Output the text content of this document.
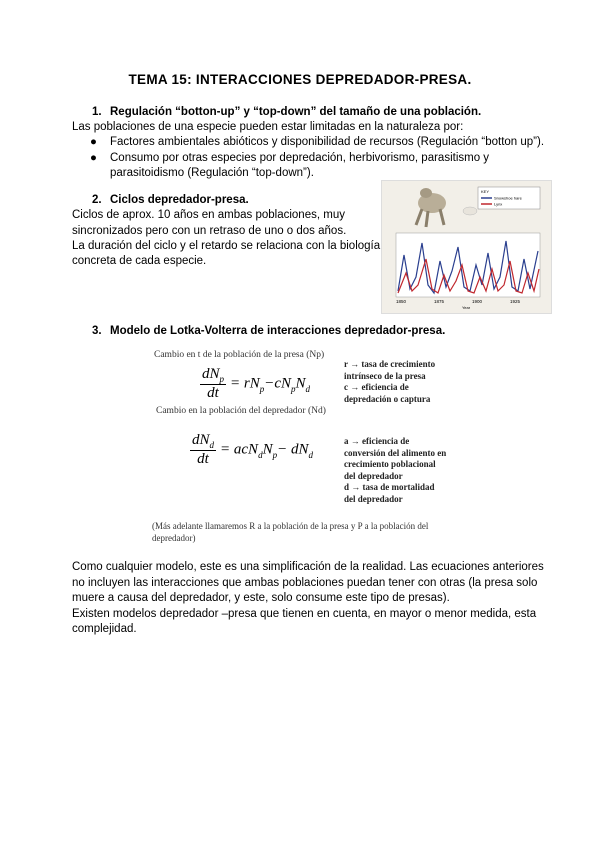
TEMA 15: INTERACCIONES DEPREDADOR-PRESA.
1. Regulación “botton-up” y “top-down” del tamaño de una población.
Las poblaciones de una especie pueden estar limitadas en la naturaleza por:
● Factores ambientales abióticos y disponibilidad de recursos (Regulación “botton up”).
● Consumo por otras especies por depredación, herbivorismo, parasitismo y
parasitoidismo (Regulación “top-down”).
2. Ciclos depredador-presa.
Ciclos de aprox. 10 años en ambas poblaciones, muy
sincronizados pero con un retraso de uno o dos años.
La duración del ciclo y el retardo se relaciona con la biología
concreta de cada especie.
KEY
Snowshoe hare
Lynx
1850	1875	1900	1925
Year
3. Modelo de Lotka-Volterra de interacciones depredador-presa.
Cambio en t de la población de la presa (Np)
$\frac{dN_p}{dt} = rN_p-cN_pN_d$
r → tasa de crecimiento
intrínseco de la presa
c → eficiencia de
depredación o captura
Cambio en la población del depredador (Nd)
$\frac{dN_d}{dt} = acN_dN_p- dN_d$
a → eficiencia de
conversión del alimento en
crecimiento poblacional
del depredador
d → tasa de mortalidad
del depredador
(Más adelante llamaremos R a la población de la presa y P a la población del
depredador)
Como cualquier modelo, este es una simplificación de la realidad. Las ecuaciones anteriores
no incluyen las interacciones que ambas poblaciones puedan tener con otras (la presa solo
muere a causa del depredador, y este, solo consume este tipo de presas).
Existen modelos depredador –presa que tienen en cuenta, en mayor o menor medida, esta
complejidad.
